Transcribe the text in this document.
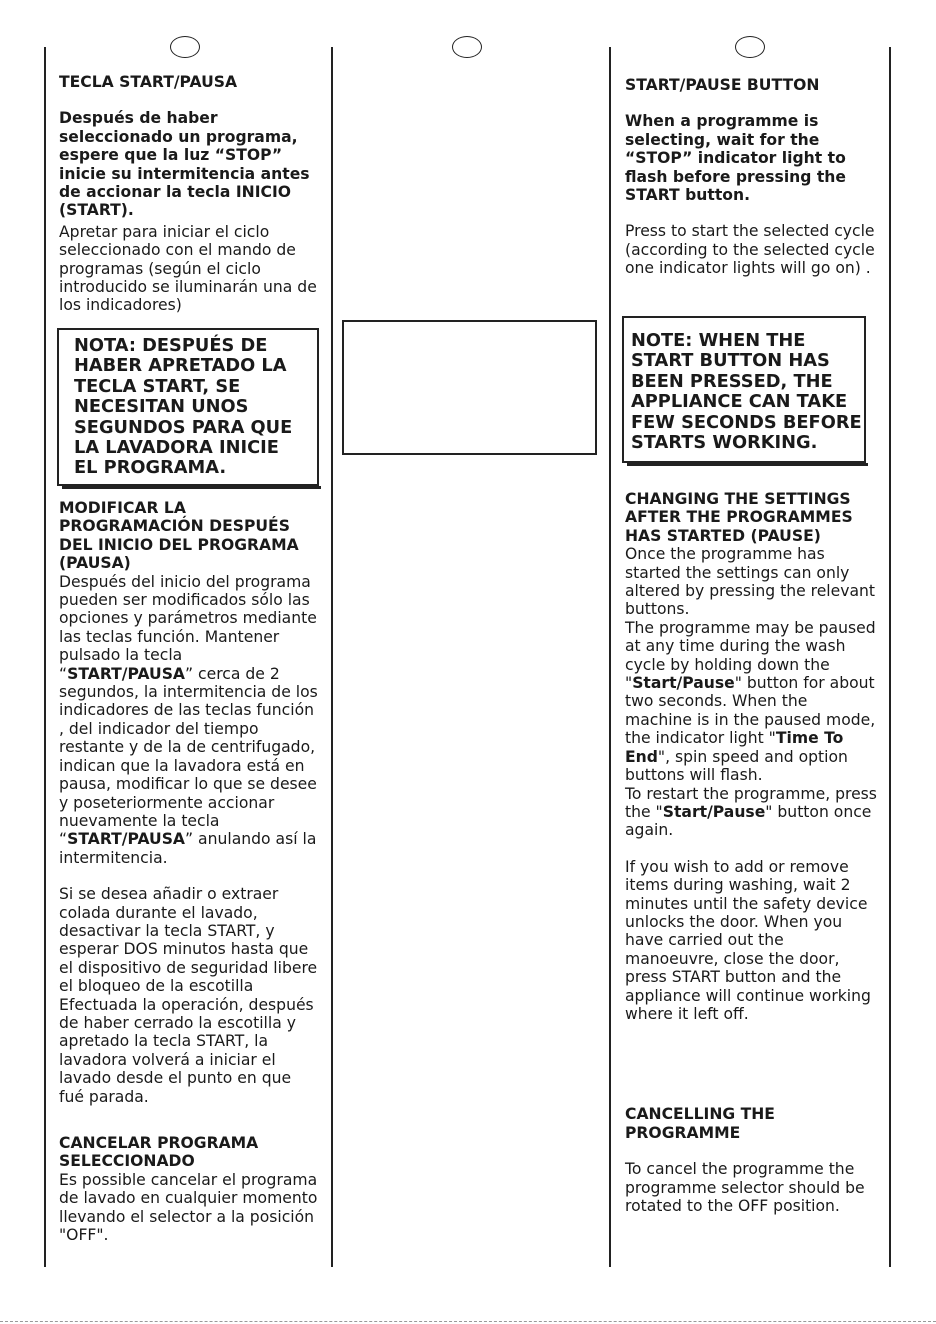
TECLA START/PAUSA

Después de haber seleccionado un programa, espere que la luz “STOP” inicie su intermitencia antes de accionar la tecla INICIO (START).

Apretar para iniciar el ciclo seleccionado con el mando de programas (según el ciclo introducido se iluminarán una de los indicadores)

NOTA: DESPUÉS DE HABER APRETADO LA TECLA START, SE NECESITAN UNOS SEGUNDOS PARA QUE LA LAVADORA INICIE EL PROGRAMA.

MODIFICAR LA PROGRAMACIÓN DESPUÉS DEL INICIO DEL PROGRAMA (PAUSA)

Después del inicio del programa pueden ser modificados sólo las opciones y parámetros mediante las teclas función. Mantener pulsado la tecla “START/PAUSA” cerca de 2 segundos, la intermitencia de los indicadores de las teclas función , del indicador del tiempo restante y de la de centrifugado, indican que la lavadora está en pausa, modificar lo que se desee y poseteriormente accionar nuevamente la tecla “START/PAUSA” anulando así la intermitencia.

Si se desea añadir o extraer colada durante el lavado, desactivar la tecla START, y esperar DOS minutos hasta que el dispositivo de seguridad libere el bloqueo de la escotilla Efectuada la operación, después de haber cerrado la escotilla y apretado la tecla START, la lavadora volverá a iniciar el lavado desde el punto en que fué parada.

CANCELAR PROGRAMA SELECCIONADO

Es possible cancelar el programa de lavado en cualquier momento llevando el selector a la posición "OFF".

START/PAUSE BUTTON

When a programme is selecting, wait for the “STOP” indicator light to flash before pressing the START button.

Press to start the selected cycle (according to the selected cycle one indicator lights will go on) .

NOTE: WHEN THE START BUTTON HAS BEEN PRESSED, THE APPLIANCE CAN TAKE FEW SECONDS BEFORE STARTS WORKING.

CHANGING THE SETTINGS AFTER THE PROGRAMMES HAS STARTED (PAUSE)

Once the programme has started the settings can only altered by pressing the relevant buttons.

The programme may be paused at any time during the wash cycle by holding down the "Start/Pause" button for about two seconds. When the machine is in the paused mode, the indicator light "Time To End", spin speed and option buttons will flash.

To restart the programme, press the "Start/Pause" button once again.

If you wish to add or remove items during washing, wait 2 minutes until the safety device unlocks the door. When you have carried out the manoeuvre, close the door, press START button and the appliance will continue working where it left off.

CANCELLING THE PROGRAMME

To cancel the programme the programme selector should be rotated to the OFF position.
